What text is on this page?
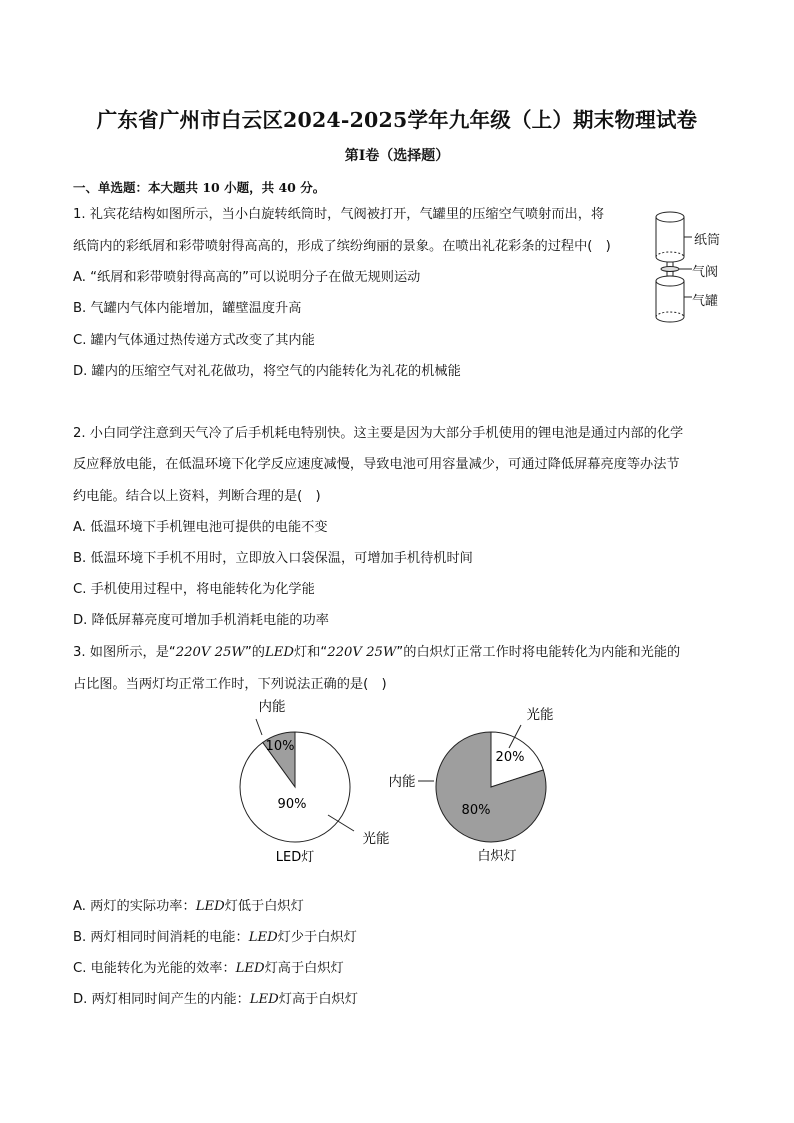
广东省广州市白云区2024-2025学年九年级（上）期末物理试卷
第Ⅰ卷（选择题）
一、单选题：本大题共 10 小题，共 40 分。
1. 礼宾花结构如图所示，当小白旋转纸筒时，气阀被打开，气罐里的压缩空气喷射而出，将
纸筒内的彩纸屑和彩带喷射得高高的，形成了缤纷绚丽的景象。在喷出礼花彩条的过程中(　)
A. “纸屑和彩带喷射得高高的”可以说明分子在做无规则运动
B. 气罐内气体内能增加，罐壁温度升高
C. 罐内气体通过热传递方式改变了其内能
D. 罐内的压缩空气对礼花做功，将空气的内能转化为礼花的机械能
纸筒
气阀
气罐
2. 小白同学注意到天气冷了后手机耗电特别快。这主要是因为大部分手机使用的锂电池是通过内部的化学
反应释放电能，在低温环境下化学反应速度减慢，导致电池可用容量减少，可通过降低屏幕亮度等办法节
约电能。结合以上资料，判断合理的是(　)
A. 低温环境下手机锂电池可提供的电能不变
B. 低温环境下手机不用时，立即放入口袋保温，可增加手机待机时间
C. 手机使用过程中，将电能转化为化学能
D. 降低屏幕亮度可增加手机消耗电能的功率
3. 如图所示，是“220V 25W”的LED灯和“220V 25W”的白炽灯正常工作时将电能转化为内能和光能的
占比图。当两灯均正常工作时，下列说法正确的是(　)
内能
10%
90%
光能
LED灯
光能
20%
内能
80%
白炽灯
A. 两灯的实际功率：LED灯低于白炽灯
B. 两灯相同时间消耗的电能：LED灯少于白炽灯
C. 电能转化为光能的效率：LED灯高于白炽灯
D. 两灯相同时间产生的内能：LED灯高于白炽灯
